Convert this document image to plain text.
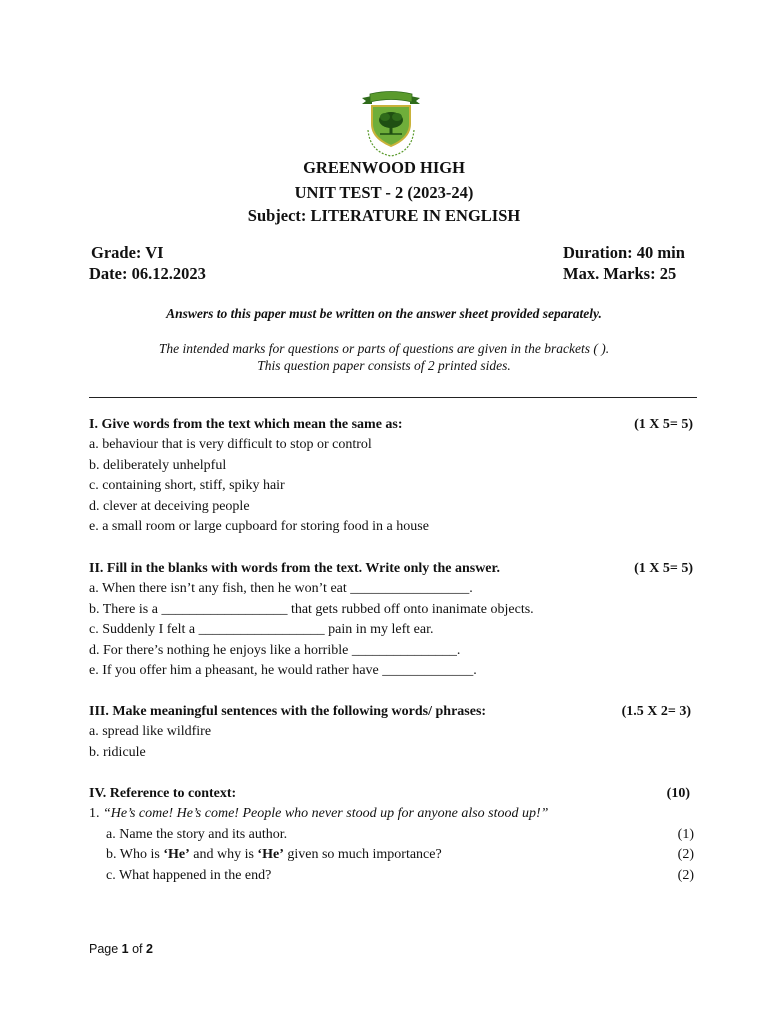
GREENWOOD HIGH
UNIT TEST - 2 (2023-24)
Subject: LITERATURE IN ENGLISH
Grade: VI
Date: 06.12.2023
Duration: 40 min
Max. Marks: 25
Answers to this paper must be written on the answer sheet provided separately.
The intended marks for questions or parts of questions are given in the brackets ( ).
This question paper consists of 2 printed sides.
I. Give words from the text which mean the same as:	(1 X 5= 5)
a. behaviour that is very difficult to stop or control
b. deliberately unhelpful
c. containing short, stiff, spiky hair
d. clever at deceiving people
e. a small room or large cupboard for storing food in a house
II. Fill in the blanks with words from the text. Write only the answer.	(1 X 5= 5)
a. When there isn’t any fish, then he won’t eat _________________.
b. There is a __________________ that gets rubbed off onto inanimate objects.
c. Suddenly I felt a __________________ pain in my left ear.
d. For there’s nothing he enjoys like a horrible _______________.
e. If you offer him a pheasant, he would rather have _____________.
III. Make meaningful sentences with the following words/ phrases:	(1.5 X 2= 3)
a. spread like wildfire
b. ridicule
IV. Reference to context:	(10)
1. “He’s come! He’s come! People who never stood up for anyone also stood up!”
a. Name the story and its author.	(1)
b. Who is ‘He’ and why is ‘He’ given so much importance?	(2)
c. What happened in the end?	(2)
Page 1 of 2
